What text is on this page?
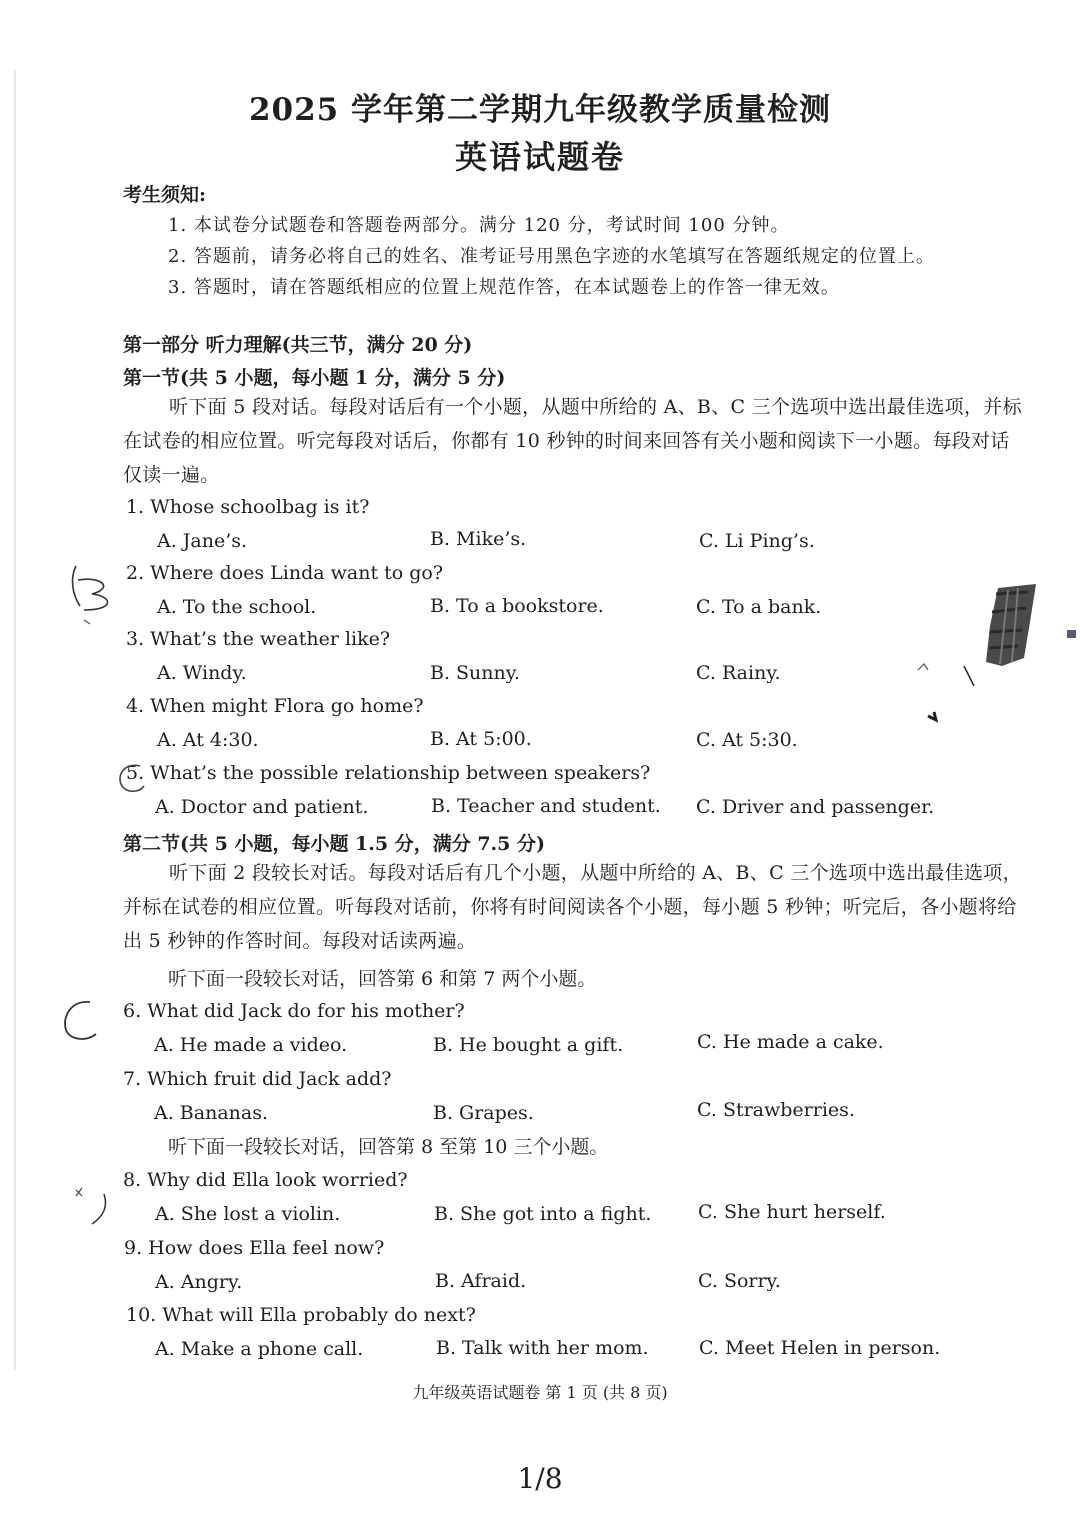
2025 学年第二学期九年级教学质量检测
英语试题卷
考生须知:
1. 本试卷分试题卷和答题卷两部分。满分 120 分，考试时间 100 分钟。
2. 答题前，请务必将自己的姓名、准考证号用黑色字迹的水笔填写在答题纸规定的位置上。
3. 答题时，请在答题纸相应的位置上规范作答，在本试题卷上的作答一律无效。
第一部分 听力理解(共三节，满分 20 分)
第一节(共 5 小题，每小题 1 分，满分 5 分)
听下面 5 段对话。每段对话后有一个小题，从题中所给的 A、B、C 三个选项中选出最佳选项，并标在试卷的相应位置。听完每段对话后，你都有 10 秒钟的时间来回答有关小题和阅读下一小题。每段对话仅读一遍。
1. Whose schoolbag is it?
A. Jane’s.	B. Mike’s.	C. Li Ping’s.
2. Where does Linda want to go?
A. To the school.	B. To a bookstore.	C. To a bank.
3. What’s the weather like?
A. Windy.	B. Sunny.	C. Rainy.
4. When might Flora go home?
A. At 4:30.	B. At 5:00.	C. At 5:30.
5. What’s the possible relationship between speakers?
A. Doctor and patient.	B. Teacher and student. C. Driver and passenger.
第二节(共 5 小题，每小题 1.5 分，满分 7.5 分)
听下面 2 段较长对话。每段对话后有几个小题，从题中所给的 A、B、C 三个选项中选出最佳选项，并标在试卷的相应位置。听每段对话前，你将有时间阅读各个小题，每小题 5 秒钟；听完后，各小题将给出 5 秒钟的作答时间。每段对话读两遍。
听下面一段较长对话，回答第 6 和第 7 两个小题。
6. What did Jack do for his mother?
A. He made a video.	B. He bought a gift.	C. He made a cake.
7. Which fruit did Jack add?
A. Bananas.	B. Grapes.	C. Strawberries.
听下面一段较长对话，回答第 8 至第 10 三个小题。
8. Why did Ella look worried?
A. She lost a violin.	B. She got into a fight. C. She hurt herself.
9. How does Ella feel now?
A. Angry.	B. Afraid.	C. Sorry.
10. What will Ella probably do next?
A. Make a phone call.	B. Talk with her mom.	C. Meet Helen in person.
九年级英语试题卷 第 1 页 (共 8 页)
1/8
